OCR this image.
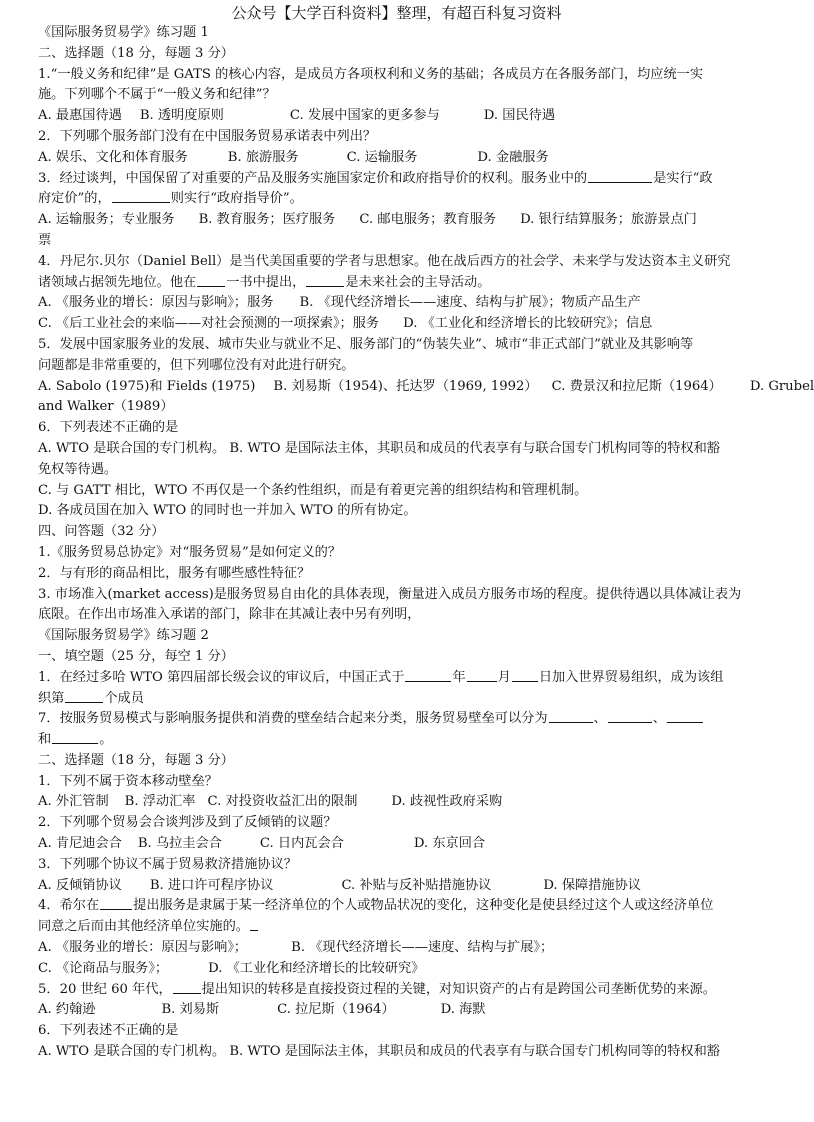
公众号【大学百科资料】整理，有超百科复习资料
《国际服务贸易学》练习题 1
二、选择题（18 分，每题 3 分）
1.“一般义务和纪律”是 GATS 的核心内容，是成员方各项权利和义务的基础；各成员方在各服务部门，均应统一实
施。下列哪个不属于“一般义务和纪律”？
A. 最惠国待遇 B. 透明度原则	C. 发展中国家的更多参与	D. 国民待遇
2．下列哪个服务部门没有在中国服务贸易承诺表中列出？
A. 娱乐、文化和体育服务	B. 旅游服务	C. 运输服务	D. 金融服务
3．经过谈判，中国保留了对重要的产品及服务实施国家定价和政府指导价的权利。服务业中的	是实行“政
府定价”的，	则实行“政府指导价”。
A. 运输服务；专业服务 B. 教育服务；医疗服务 C. 邮电服务；教育服务 D. 银行结算服务；旅游景点门
票
4．丹尼尔.贝尔（Daniel Bell）是当代美国重要的学者与思想家。他在战后西方的社会学、未来学与发达资本主义研究
诸领域占据领先地位。他在 一书中提出，	是未来社会的主导活动。
A. 《服务业的增长：原因与影响》；服务 B. 《现代经济增长——速度、结构与扩展》；物质产品生产
C. 《后工业社会的来临——对社会预测的一项探索》；服务 D. 《工业化和经济增长的比较研究》；信息
5．发展中国家服务业的发展、城市失业与就业不足、服务部门的“伪装失业”、城市“非正式部门”就业及其影响等
问题都是非常重要的，但下列哪位没有对此进行研究。
A. Sabolo (1975)和 Fields (1975) B. 刘易斯（1954)、托达罗（1969, 1992） C. 费景汉和拉尼斯（1964） D. Grubel
and Walker（1989）
6．下列表述不正确的是
A. WTO 是联合国的专门机构。 B. WTO 是国际法主体，其职员和成员的代表享有与联合国专门机构同等的特权和豁
免权等待遇。
C. 与 GATT 相比，WTO 不再仅是一个条约性组织，而是有着更完善的组织结构和管理机制。
D. 各成员国在加入 WTO 的同时也一并加入 WTO 的所有协定。
四、问答题（32 分）
1.《服务贸易总协定》对“服务贸易”是如何定义的？
2．与有形的商品相比，服务有哪些感性特征？
3. 市场准入(market access)是服务贸易自由化的具体表现，衡量进入成员方服务市场的程度。提供待遇以具体减让表为
底限。在作出市场准入承诺的部门，除非在其减让表中另有列明，
《国际服务贸易学》练习题 2
一、填空题（25 分，每空 1 分）
1．在经过多哈 WTO 第四届部长级会议的审议后，中国正式于	年 月 日加入世界贸易组织，成为该组
织第	个成员
7．按服务贸易模式与影响服务提供和消费的壁垒结合起来分类，服务贸易壁垒可以分为	、	、
和	。
二、选择题（18 分，每题 3 分）
1．下列不属于资本移动壁垒？
A. 外汇管制 B. 浮动汇率 C. 对投资收益汇出的限制	D. 歧视性政府采购
2．下列哪个贸易会合谈判涉及到了反倾销的议题？
A. 肯尼迪会合 B. 乌拉圭会合	C. 日内瓦会合	D. 东京回合
3．下列哪个协议不属于贸易救济措施协议？
A. 反倾销协议 B. 进口许可程序协议	C. 补贴与反补贴措施协议	D. 保障措施协议
4．希尔在	提出服务是隶属于某一经济单位的个人或物品状况的变化，这种变化是使县经过这个人或这经济单位
同意之后而由其他经济单位实施的。
A. 《服务业的增长：原因与影响》；	B. 《现代经济增长——速度、结构与扩展》；
C. 《论商品与服务》；	D. 《工业化和经济增长的比较研究》
5．20 世纪 60 年代， 提出知识的转移是直接投资过程的关键，对知识资产的占有是跨国公司垄断优势的来源。
A. 约翰逊	B. 刘易斯	C. 拉尼斯（1964）	D. 海默
6．下列表述不正确的是
A. WTO 是联合国的专门机构。 B. WTO 是国际法主体，其职员和成员的代表享有与联合国专门机构同等的特权和豁
